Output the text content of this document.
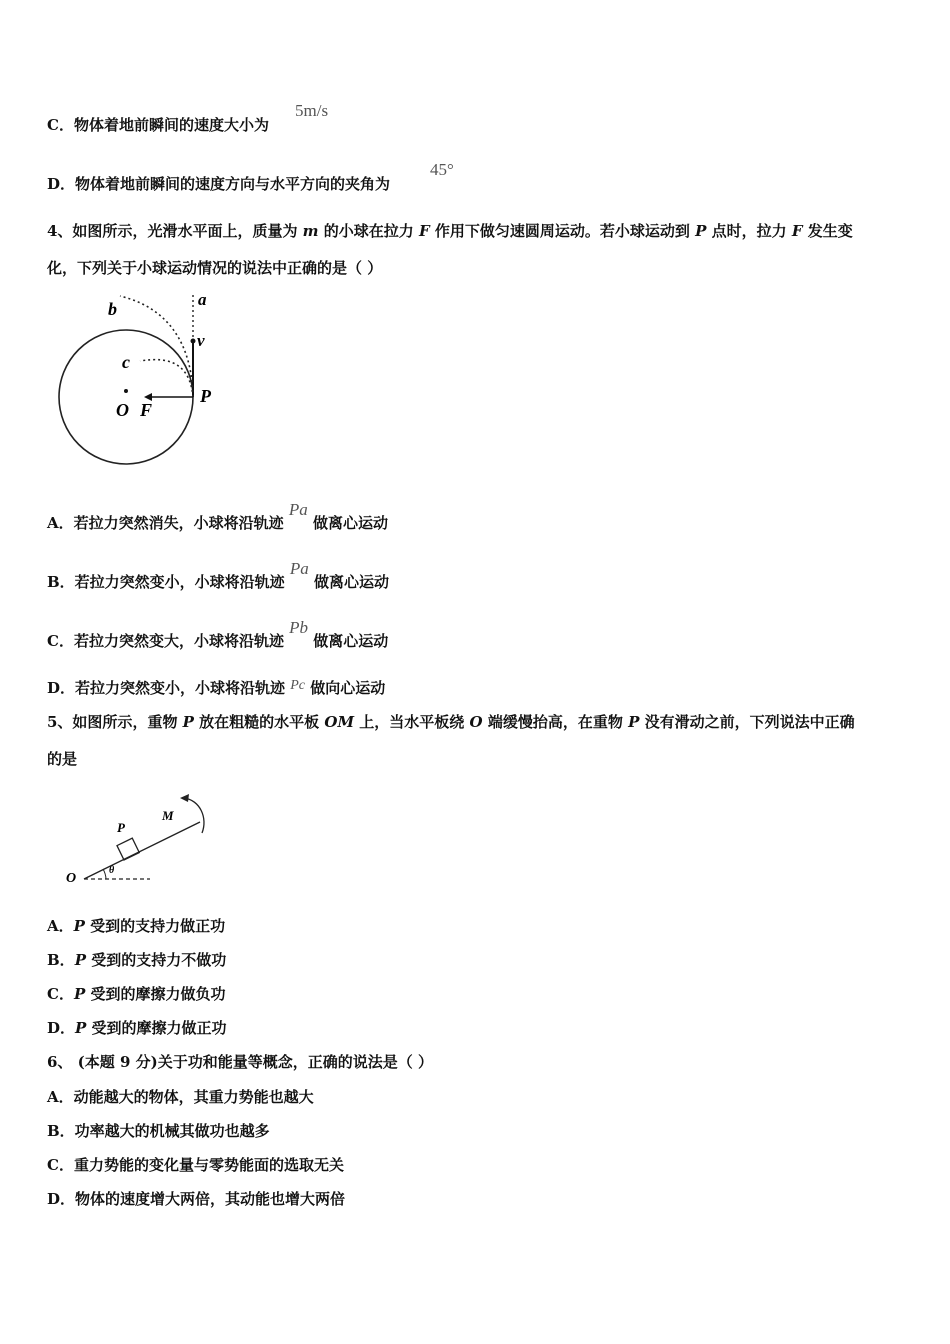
C．物体着地前瞬间的速度大小为
5m/s
D．物体着地前瞬间的速度方向与水平方向的夹角为
45°
4、如图所示，光滑水平面上，质量为 m 的小球在拉力 F 作用下做匀速圆周运动。若小球运动到 P 点时，拉力 F 发生变
化，下列关于小球运动情况的说法中正确的是（ ）
a
b
c
v
P
O F
A．若拉力突然消失，小球将沿轨迹 Pa 做离心运动
B．若拉力突然变小，小球将沿轨迹 Pa 做离心运动
C．若拉力突然变大，小球将沿轨迹 Pb 做离心运动
D．若拉力突然变小，小球将沿轨迹 Pc 做向心运动
5、如图所示，重物 P 放在粗糙的水平板 OM 上，当水平板绕 O 端缓慢抬高，在重物 P 没有滑动之前，下列说法中正确
的是
P
M
O
θ
A．P 受到的支持力做正功
B．P 受到的支持力不做功
C．P 受到的摩擦力做负功
D．P 受到的摩擦力做正功
6、 (本题 9 分)关于功和能量等概念，正确的说法是（ ）
A．动能越大的物体，其重力势能也越大
B．功率越大的机械其做功也越多
C．重力势能的变化量与零势能面的选取无关
D．物体的速度增大两倍，其动能也增大两倍
